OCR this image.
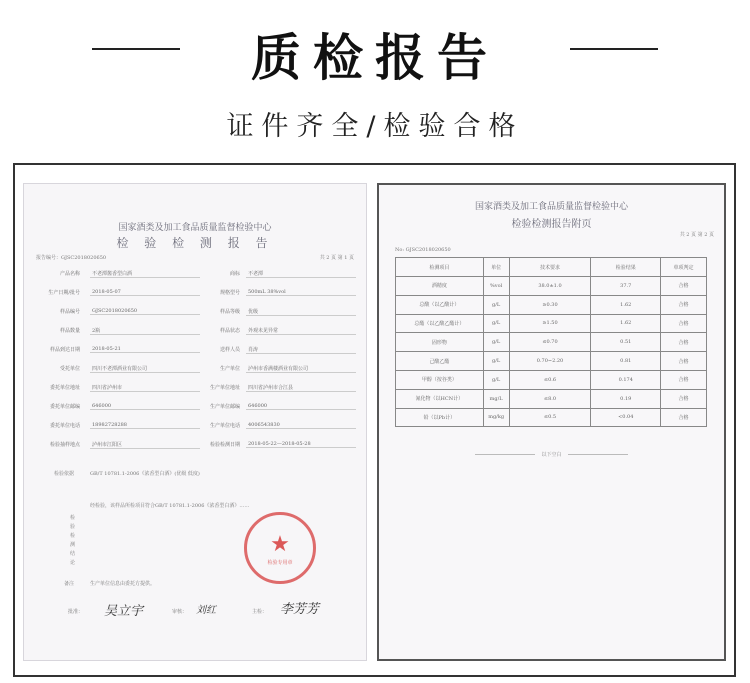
质检报告
证件齐全/检验合格
国家酒类及加工食品质量监督检验中心
检 验 检 测 报 告
报告编号：GJSC2018020650	共 2 页 第 1 页
产品名称	不老潭酱香型白酒	商标	不老潭
生产日期/批号	2018-05-07	规格型号	500mL 38%vol
样品编号	GJSC2018020650	样品等级	优级
样品数量	2瓶	样品状态	外观未见异常
样品到达日期	2018-05-21	送样人员	肖涛
受托单位	四川不老潭酒业有限公司	生产单位	泸州市香满楼酒业有限公司
委托单位地址	四川省泸州市	生产单位地址	四川省泸州市合江县
委托单位邮编	646000	生产单位邮编	646000
委托单位电话	18982728288	生产单位电话	4006543830
检验抽样地点	泸州市江阳区	检验检测日期	2018-05-22—2018-05-28
检验依据	GB/T 10781.1-2006《浓香型白酒》(优级 低度)
经检验，该样品所检项目符合GB/T 10781.1-2006《浓香型白酒》……
检验检测结论
★
检验专用章
备注	生产单位信息由委托方提供。
批准： 吴立宇	审核： 刘红	主检： 李芳芳
国家酒类及加工食品质量监督检验中心
检验检测报告附页
共 2 页 第 2 页
No: GJSC2018020650
检测项目	单位	技术要求	检验结果	单项判定
酒精度	%vol	38.0±1.0	37.7	合格
总酸（以乙酸计）	g/L	≥0.30	1.62	合格
总酯（以乙酸乙酯计）	g/L	≥1.50	1.62	合格
固形物	g/L	≤0.70	0.51	合格
己酸乙酯	g/L	0.70~2.20	0.81	合格
甲醇（按谷类）	g/L	≤0.6	0.174	合格
氰化物（以HCN计）	mg/L	≤8.0	0.19	合格
铅（以Pb计）	mg/kg	≤0.5	<0.04	合格
以下空白
